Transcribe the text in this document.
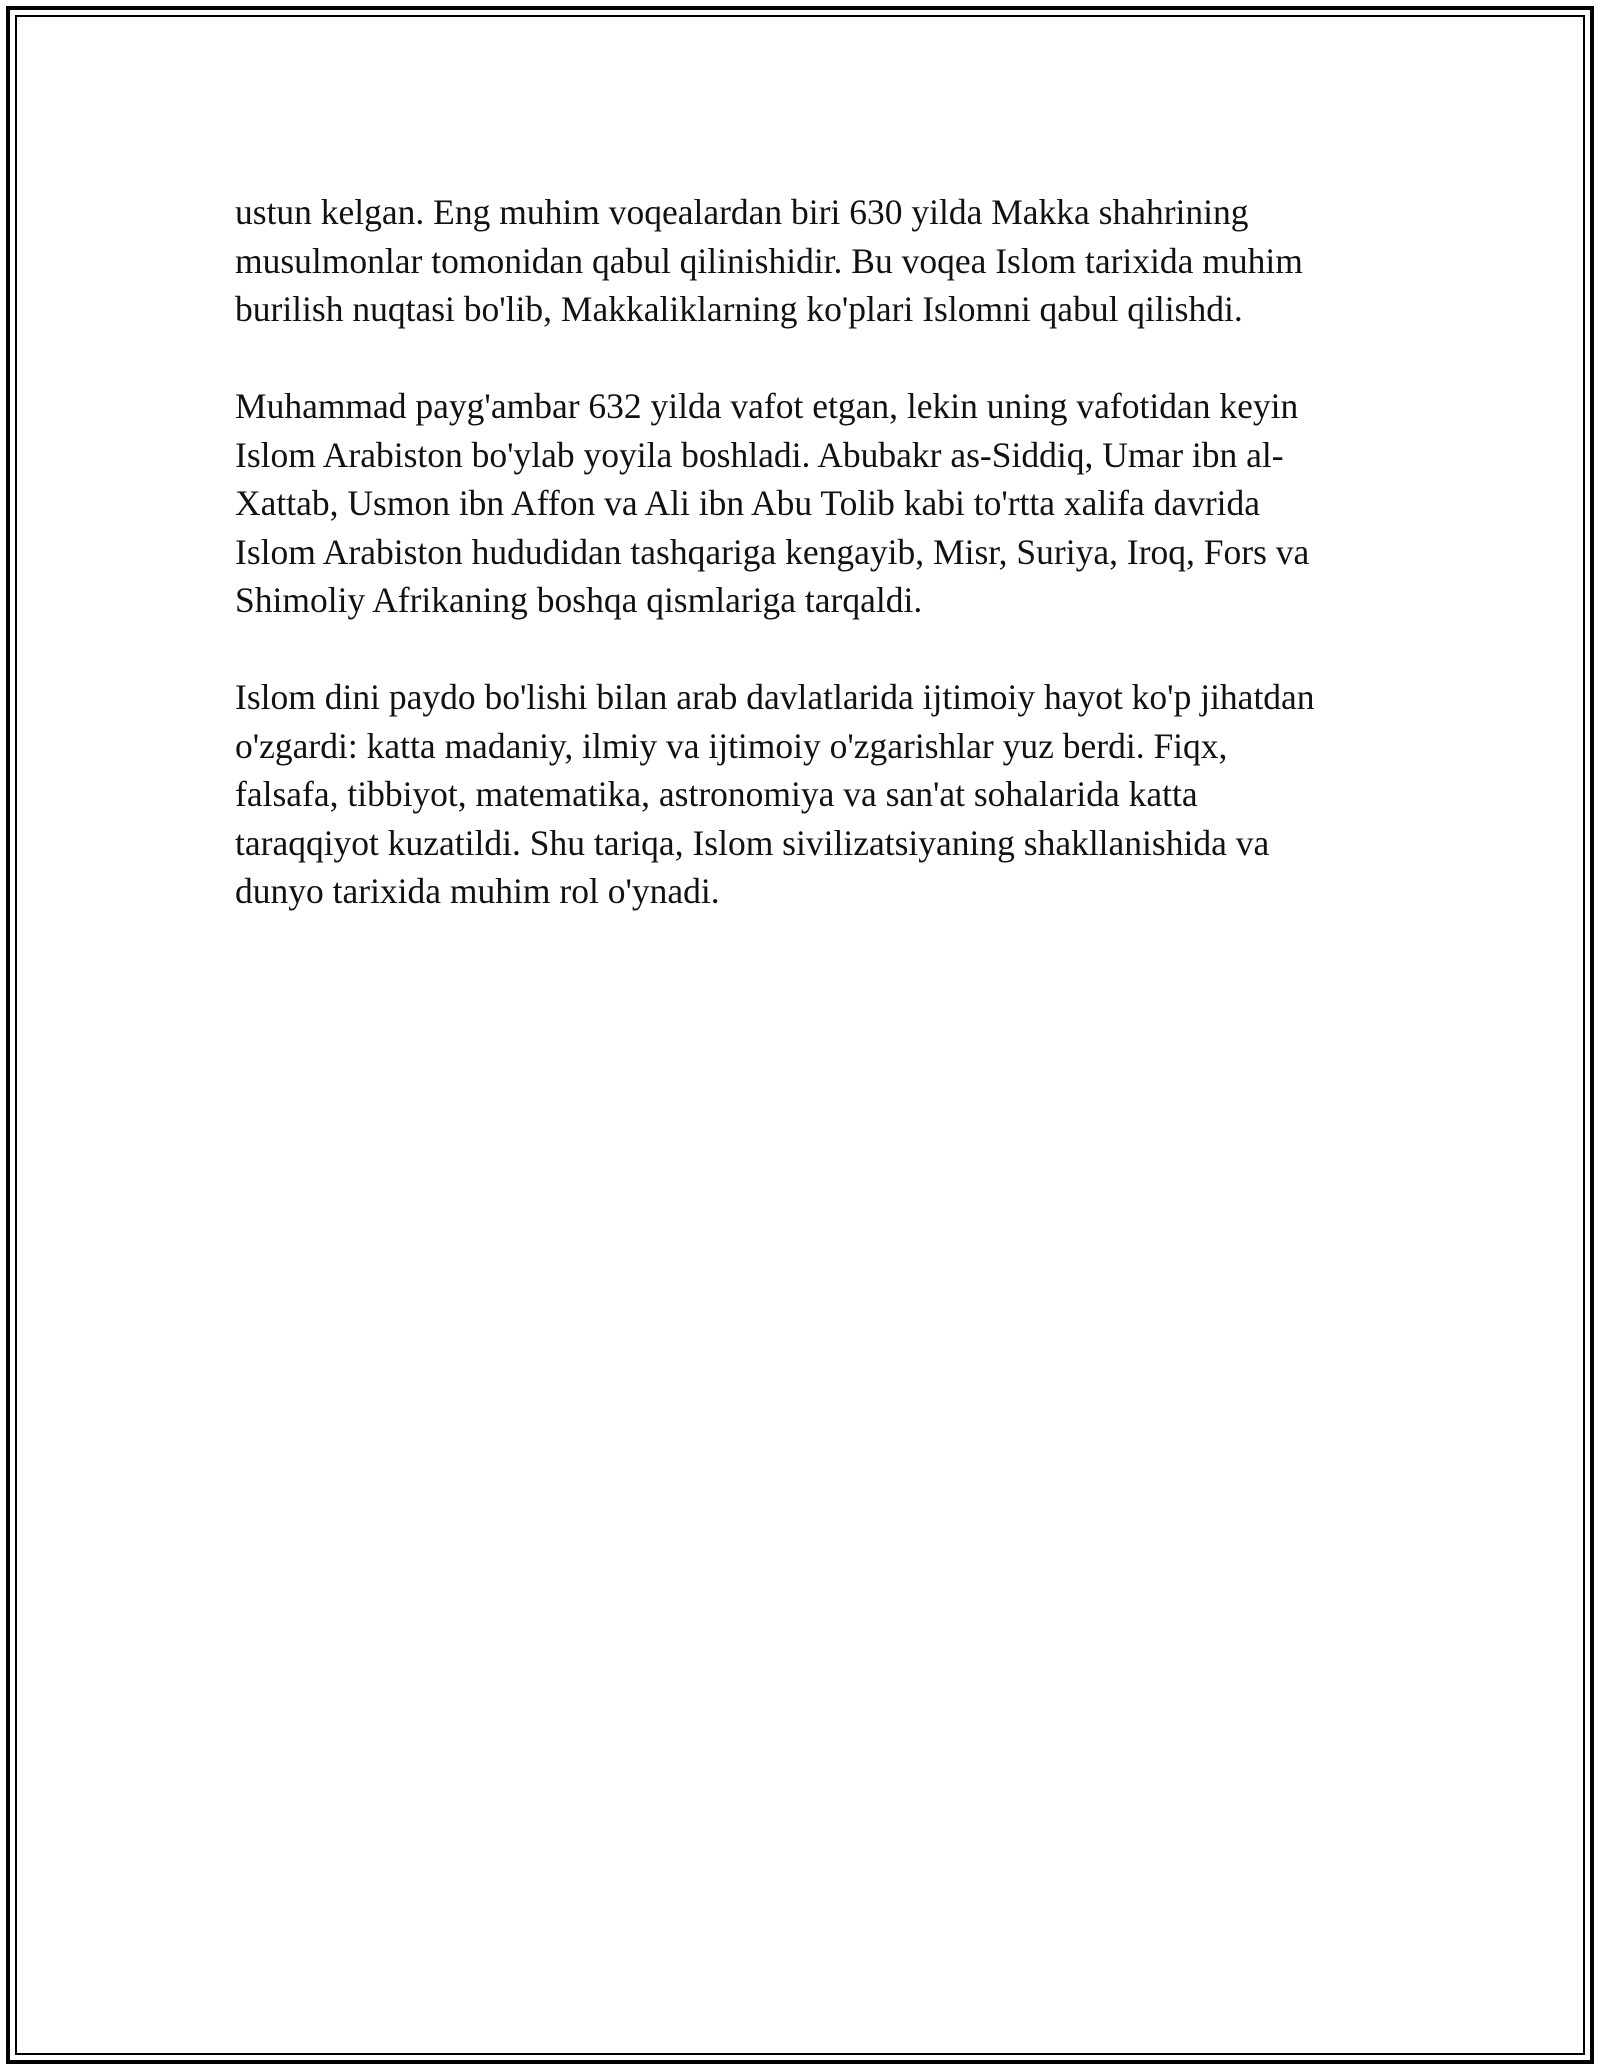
ustun kelgan. Eng muhim voqealardan biri 630 yilda Makka shahrining
musulmonlar tomonidan qabul qilinishidir. Bu voqea Islom tarixida muhim
burilish nuqtasi bo'lib, Makkaliklarning ko'plari Islomni qabul qilishdi.

Muhammad payg'ambar 632 yilda vafot etgan, lekin uning vafotidan keyin
Islom Arabiston bo'ylab yoyila boshladi. Abubakr as-Siddiq, Umar ibn al-
Xattab, Usmon ibn Affon va Ali ibn Abu Tolib kabi to'rtta xalifa davrida
Islom Arabiston hududidan tashqariga kengayib, Misr, Suriya, Iroq, Fors va
Shimoliy Afrikaning boshqa qismlariga tarqaldi.

Islom dini paydo bo'lishi bilan arab davlatlarida ijtimoiy hayot ko'p jihatdan
o'zgardi: katta madaniy, ilmiy va ijtimoiy o'zgarishlar yuz berdi. Fiqx,
falsafa, tibbiyot, matematika, astronomiya va san'at sohalarida katta
taraqqiyot kuzatildi. Shu tariqa, Islom sivilizatsiyaning shakllanishida va
dunyo tarixida muhim rol o'ynadi.
